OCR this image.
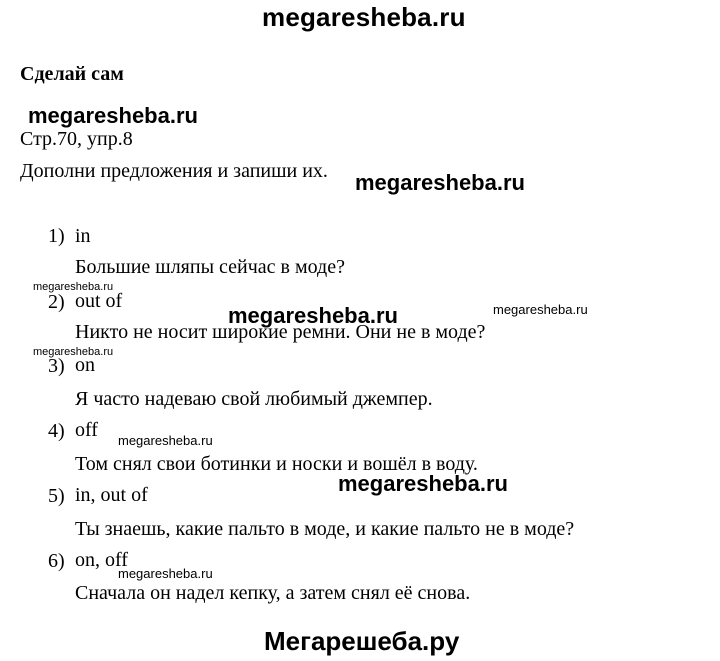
megaresheba.ru
Сделай сам
megaresheba.ru
Стр.70, упр.8
Дополни предложения и запиши их. megaresheba.ru
1) in
Большие шляпы сейчас в моде?
megaresheba.ru
2) out of
megaresheba.ru	megaresheba.ru
Никто не носит широкие ремни. Они не в моде?
megaresheba.ru
3) on
Я часто надеваю свой любимый джемпер.
4) off megaresheba.ru
Том снял свои ботинки и носки и вошёл в воду.
megaresheba.ru
5) in, out of
Ты знаешь, какие пальто в моде, и какие пальто не в моде?
6) on, off
megaresheba.ru
Сначала он надел кепку, а затем снял её снова.
Мегарешеба.ру
